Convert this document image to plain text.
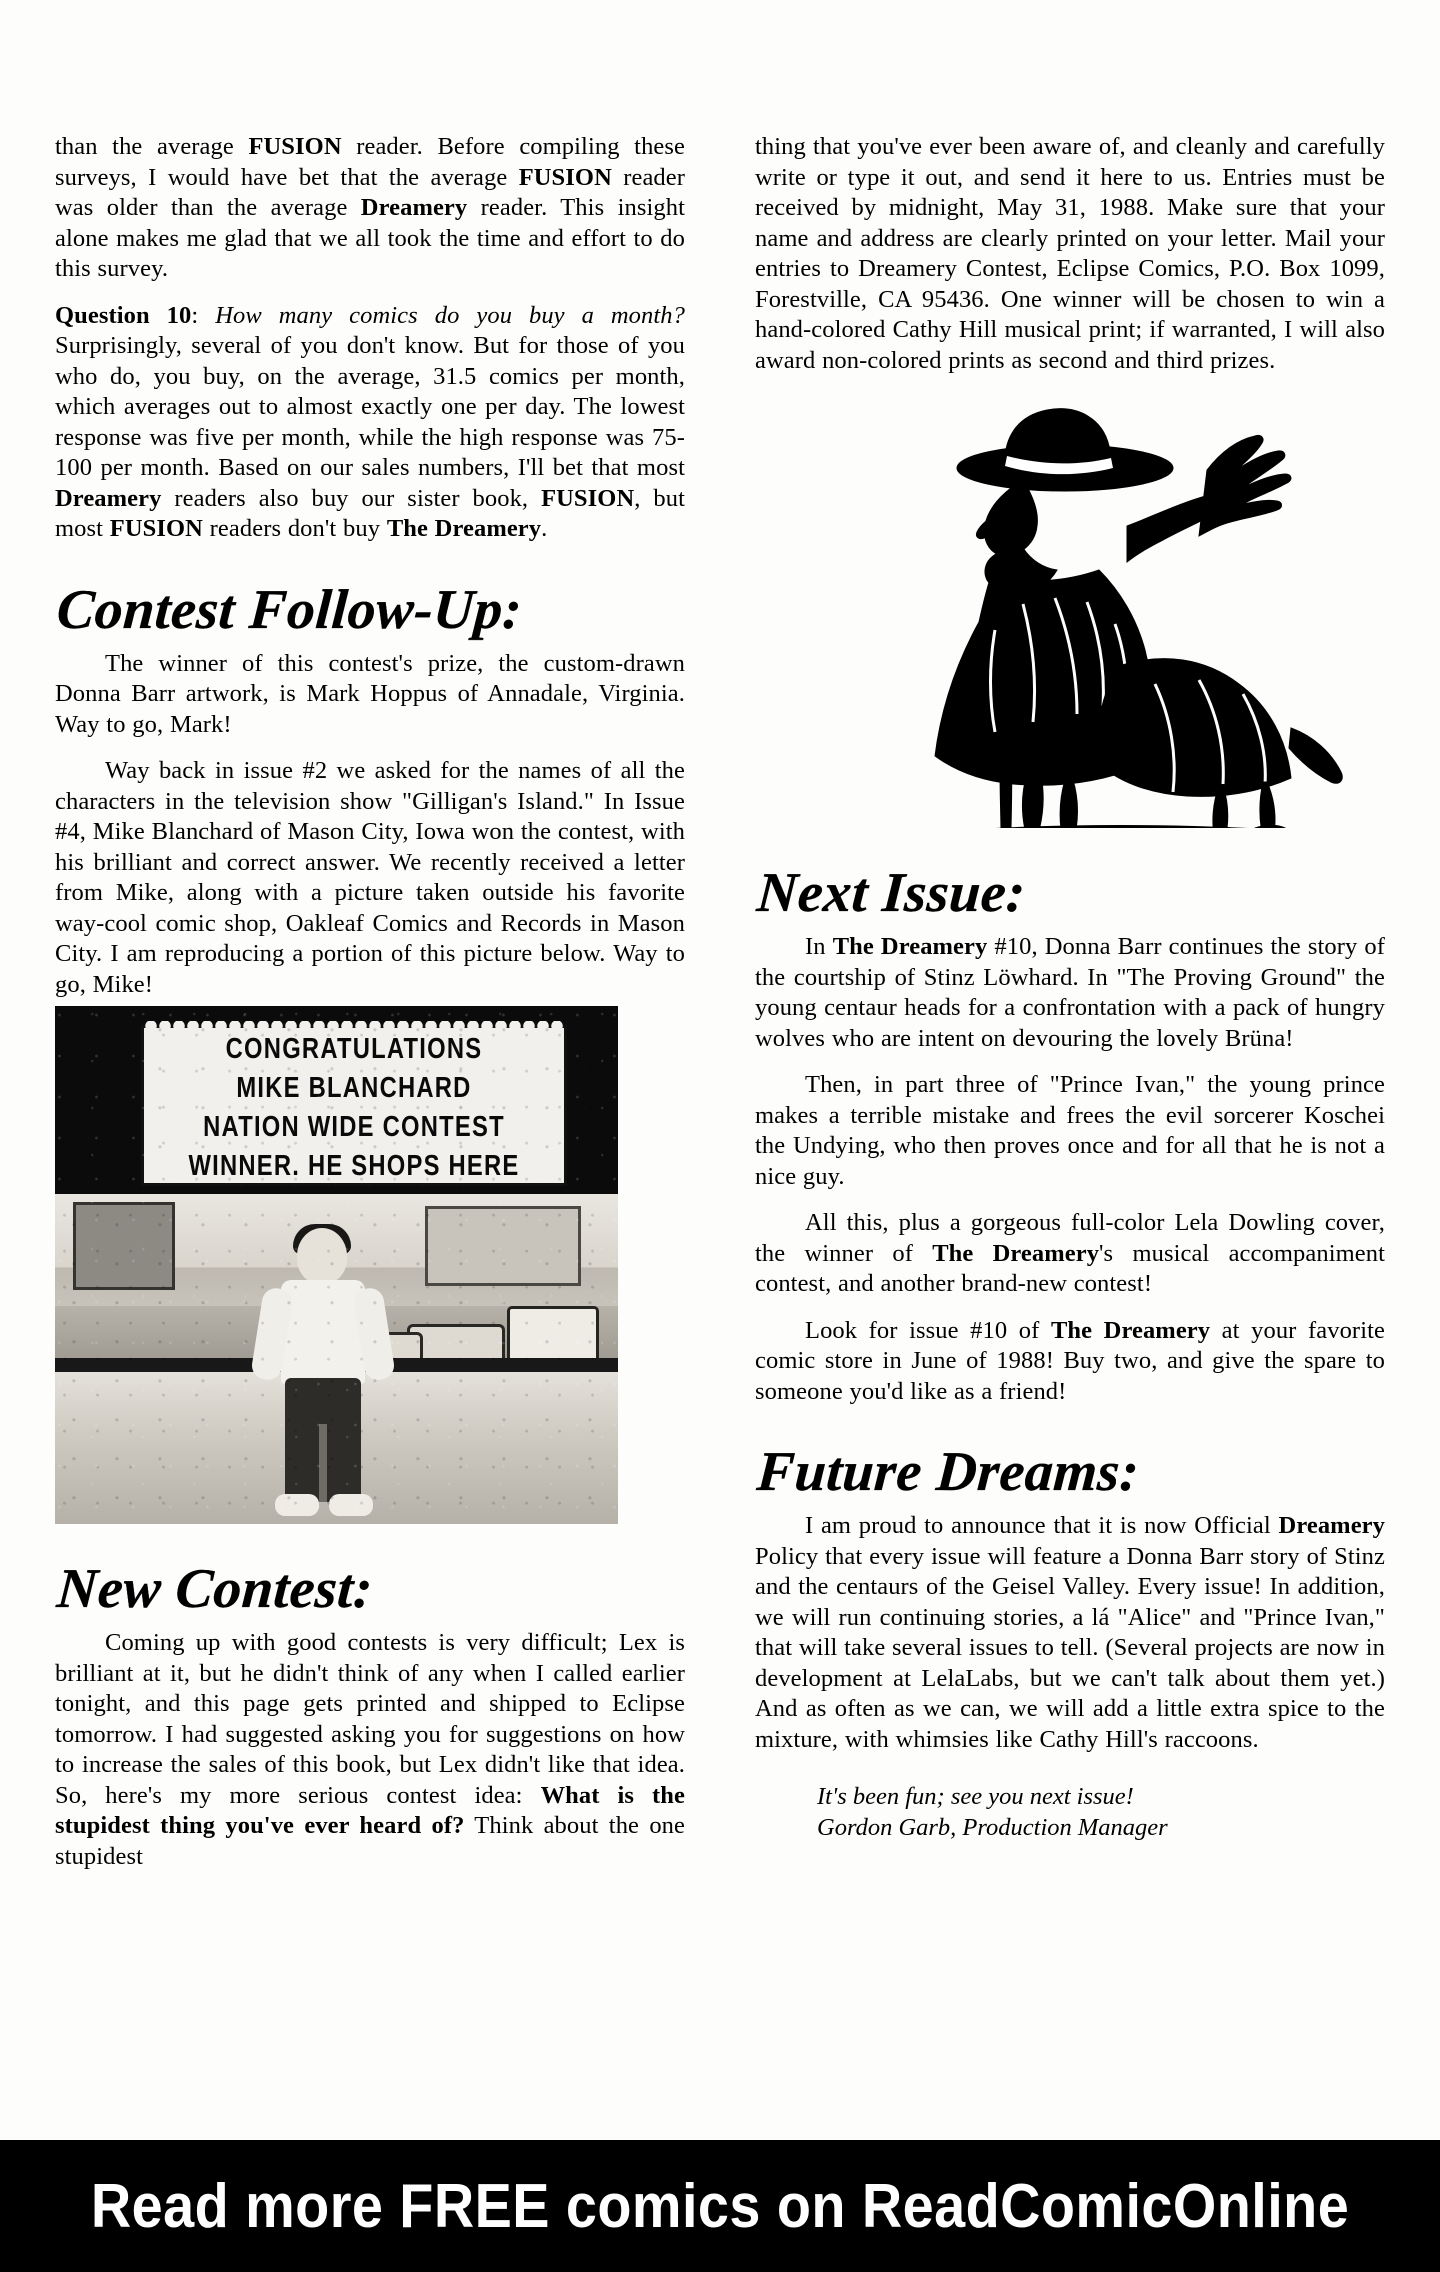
than the average FUSION reader. Before compiling these surveys, I would have bet that the average FUSION reader was older than the average Dreamery reader. This insight alone makes me glad that we all took the time and effort to do this survey.

Question 10: How many comics do you buy a month? Surprisingly, several of you don't know. But for those of you who do, you buy, on the average, 31.5 comics per month, which averages out to almost exactly one per day. The lowest response was five per month, while the high response was 75-100 per month. Based on our sales numbers, I'll bet that most Dreamery readers also buy our sister book, FUSION, but most FUSION readers don't buy The Dreamery.

Contest Follow-Up:

The winner of this contest's prize, the custom-drawn Donna Barr artwork, is Mark Hoppus of Annadale, Virginia. Way to go, Mark!

Way back in issue #2 we asked for the names of all the characters in the television show "Gilligan's Island." In Issue #4, Mike Blanchard of Mason City, Iowa won the contest, with his brilliant and correct answer. We recently received a letter from Mike, along with a picture taken outside his favorite way-cool comic shop, Oakleaf Comics and Records in Mason City. I am reproducing a portion of this picture below. Way to go, Mike!

CONGRATULATIONS
MIKE BLANCHARD
NATION WIDE CONTEST
WINNER. HE SHOPS HERE
New Contest:

Coming up with good contests is very difficult; Lex is brilliant at it, but he didn't think of any when I called earlier tonight, and this page gets printed and shipped to Eclipse tomorrow. I had suggested asking you for suggestions on how to increase the sales of this book, but Lex didn't like that idea. So, here's my more serious contest idea: What is the stupidest thing you've ever heard of? Think about the one stupidest

thing that you've ever been aware of, and cleanly and carefully write or type it out, and send it here to us. Entries must be received by midnight, May 31, 1988. Make sure that your name and address are clearly printed on your letter. Mail your entries to Dreamery Contest, Eclipse Comics, P.O. Box 1099, Forestville, CA 95436. One winner will be chosen to win a hand-colored Cathy Hill musical print; if warranted, I will also award non-colored prints as second and third prizes.

Next Issue:

In The Dreamery #10, Donna Barr continues the story of the courtship of Stinz Löwhard. In "The Proving Ground" the young centaur heads for a confrontation with a pack of hungry wolves who are intent on devouring the lovely Brüna!

Then, in part three of "Prince Ivan," the young prince makes a terrible mistake and frees the evil sorcerer Koschei the Undying, who then proves once and for all that he is not a nice guy.

All this, plus a gorgeous full-color Lela Dowling cover, the winner of The Dreamery's musical accompaniment contest, and another brand-new contest!

Look for issue #10 of The Dreamery at your favorite comic store in June of 1988! Buy two, and give the spare to someone you'd like as a friend!

Future Dreams:

I am proud to announce that it is now Official Dreamery Policy that every issue will feature a Donna Barr story of Stinz and the centaurs of the Geisel Valley. Every issue! In addition, we will run continuing stories, a lá "Alice" and "Prince Ivan," that will take several issues to tell. (Several projects are now in development at LelaLabs, but we can't talk about them yet.) And as often as we can, we will add a little extra spice to the mixture, with whimsies like Cathy Hill's raccoons.

It's been fun; see you next issue!
Gordon Garb, Production Manager
Read more FREE comics on ReadComicOnline
